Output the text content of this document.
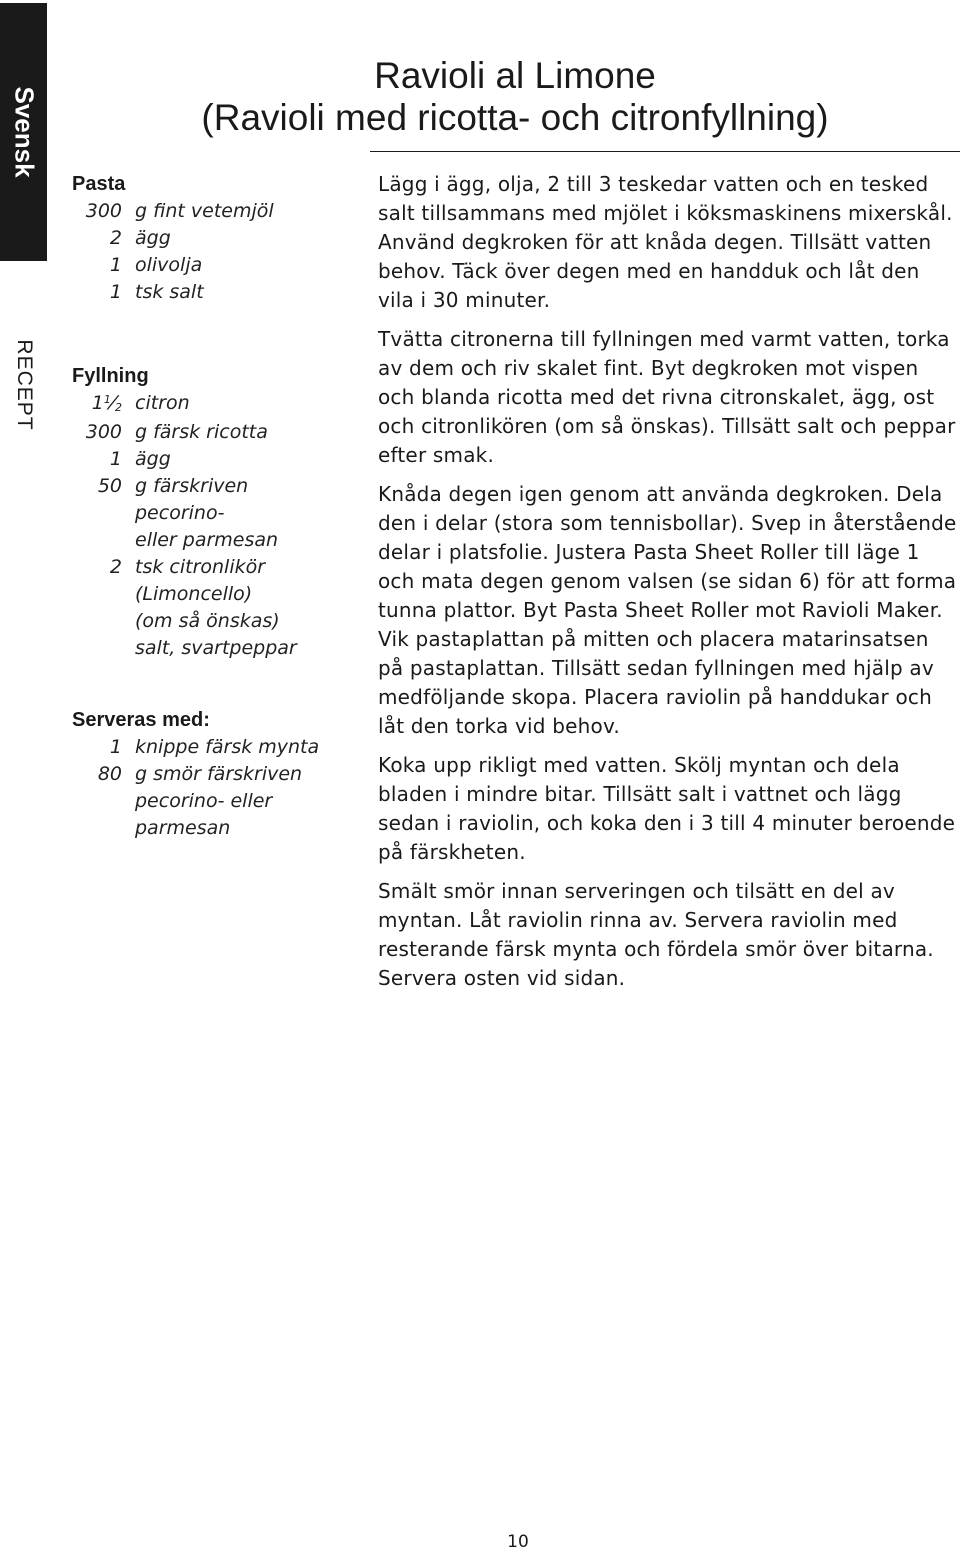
Svensk
RECEPT
Ravioli al Limone
(Ravioli med ricotta- och citronfyllning)
Pasta
300 g fint vetemjöl
2 ägg
1 olivolja
1 tsk salt
Fyllning
$1^1⁄2$ citron
300 g färsk ricotta
1 ägg
50 g färskriven
pecorino-
eller parmesan
2 tsk citronlikör
(Limoncello)
(om så önskas)
salt, svartpeppar
Serveras med:
1 knippe färsk mynta
80 g smör färskriven
pecorino- eller
parmesan

Lägg i ägg, olja, 2 till 3 teskedar vatten och en tesked salt tillsammans med mjölet i köksmaskinens mixerskål. Använd degkroken för att knåda degen. Tillsätt vatten behov. Täck över degen med en handduk och låt den vila i 30 minuter.

Tvätta citronerna till fyllningen med varmt vatten, torka av dem och riv skalet fint. Byt degkroken mot vispen och blanda ricotta med det rivna citronskalet, ägg, ost och citronlikören (om så önskas). Tillsätt salt och peppar efter smak.

Knåda degen igen genom att använda degkroken. Dela den i delar (stora som tennisbollar). Svep in återstående delar i platsfolie. Justera Pasta Sheet Roller till läge 1 och mata degen genom valsen (se sidan 6) för att forma tunna plattor. Byt Pasta Sheet Roller mot Ravioli Maker. Vik pastaplattan på mitten och placera matarinsatsen på pastaplattan. Tillsätt sedan fyllningen med hjälp av medföljande skopa. Placera raviolin på handdukar och låt den torka vid behov.

Koka upp rikligt med vatten. Skölj myntan och dela bladen i mindre bitar. Tillsätt salt i vattnet och lägg sedan i raviolin, och koka den i 3 till 4 minuter beroende på färskheten.

Smält smör innan serveringen och tilsätt en del av myntan. Låt raviolin rinna av. Servera raviolin med resterande färsk mynta och fördela smör över bitarna. Servera osten vid sidan.

10
